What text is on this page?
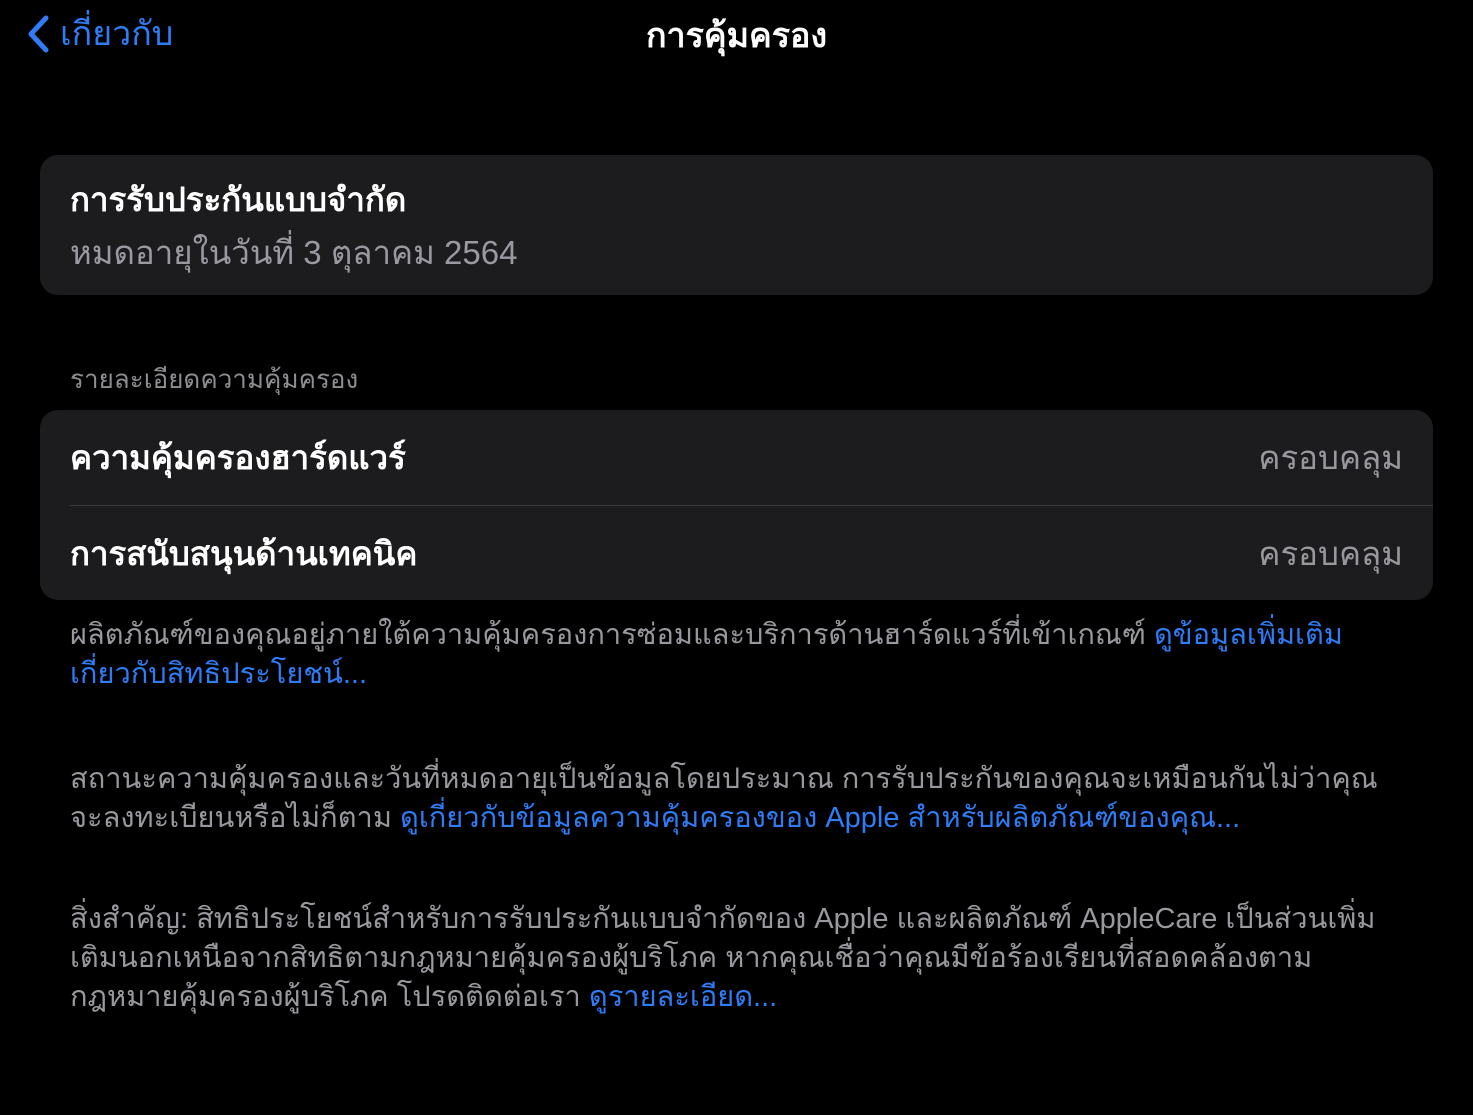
เกี่ยวกับ	การคุ้มครอง
การรับประกันแบบจำกัด
หมดอายุในวันที่ 3 ตุลาคม 2564
รายละเอียดความคุ้มครอง
ความคุ้มครองฮาร์ดแวร์	ครอบคลุม
การสนับสนุนด้านเทคนิค	ครอบคลุม
ผลิตภัณฑ์ของคุณอยู่ภายใต้ความคุ้มครองการซ่อมและบริการด้านฮาร์ดแวร์ที่เข้าเกณฑ์ ดูข้อมูลเพิ่มเติมเกี่ยวกับสิทธิประโยชน์...
สถานะความคุ้มครองและวันที่หมดอายุเป็นข้อมูลโดยประมาณ การรับประกันของคุณจะเหมือนกันไม่ว่าคุณจะลงทะเบียนหรือไม่ก็ตาม ดูเกี่ยวกับข้อมูลความคุ้มครองของ Apple สำหรับผลิตภัณฑ์ของคุณ...
สิ่งสำคัญ: สิทธิประโยชน์สำหรับการรับประกันแบบจำกัดของ Apple และผลิตภัณฑ์ AppleCare เป็นส่วนเพิ่มเติมนอกเหนือจากสิทธิตามกฎหมายคุ้มครองผู้บริโภค หากคุณเชื่อว่าคุณมีข้อร้องเรียนที่สอดคล้องตามกฎหมายคุ้มครองผู้บริโภค โปรดติดต่อเรา ดูรายละเอียด...
